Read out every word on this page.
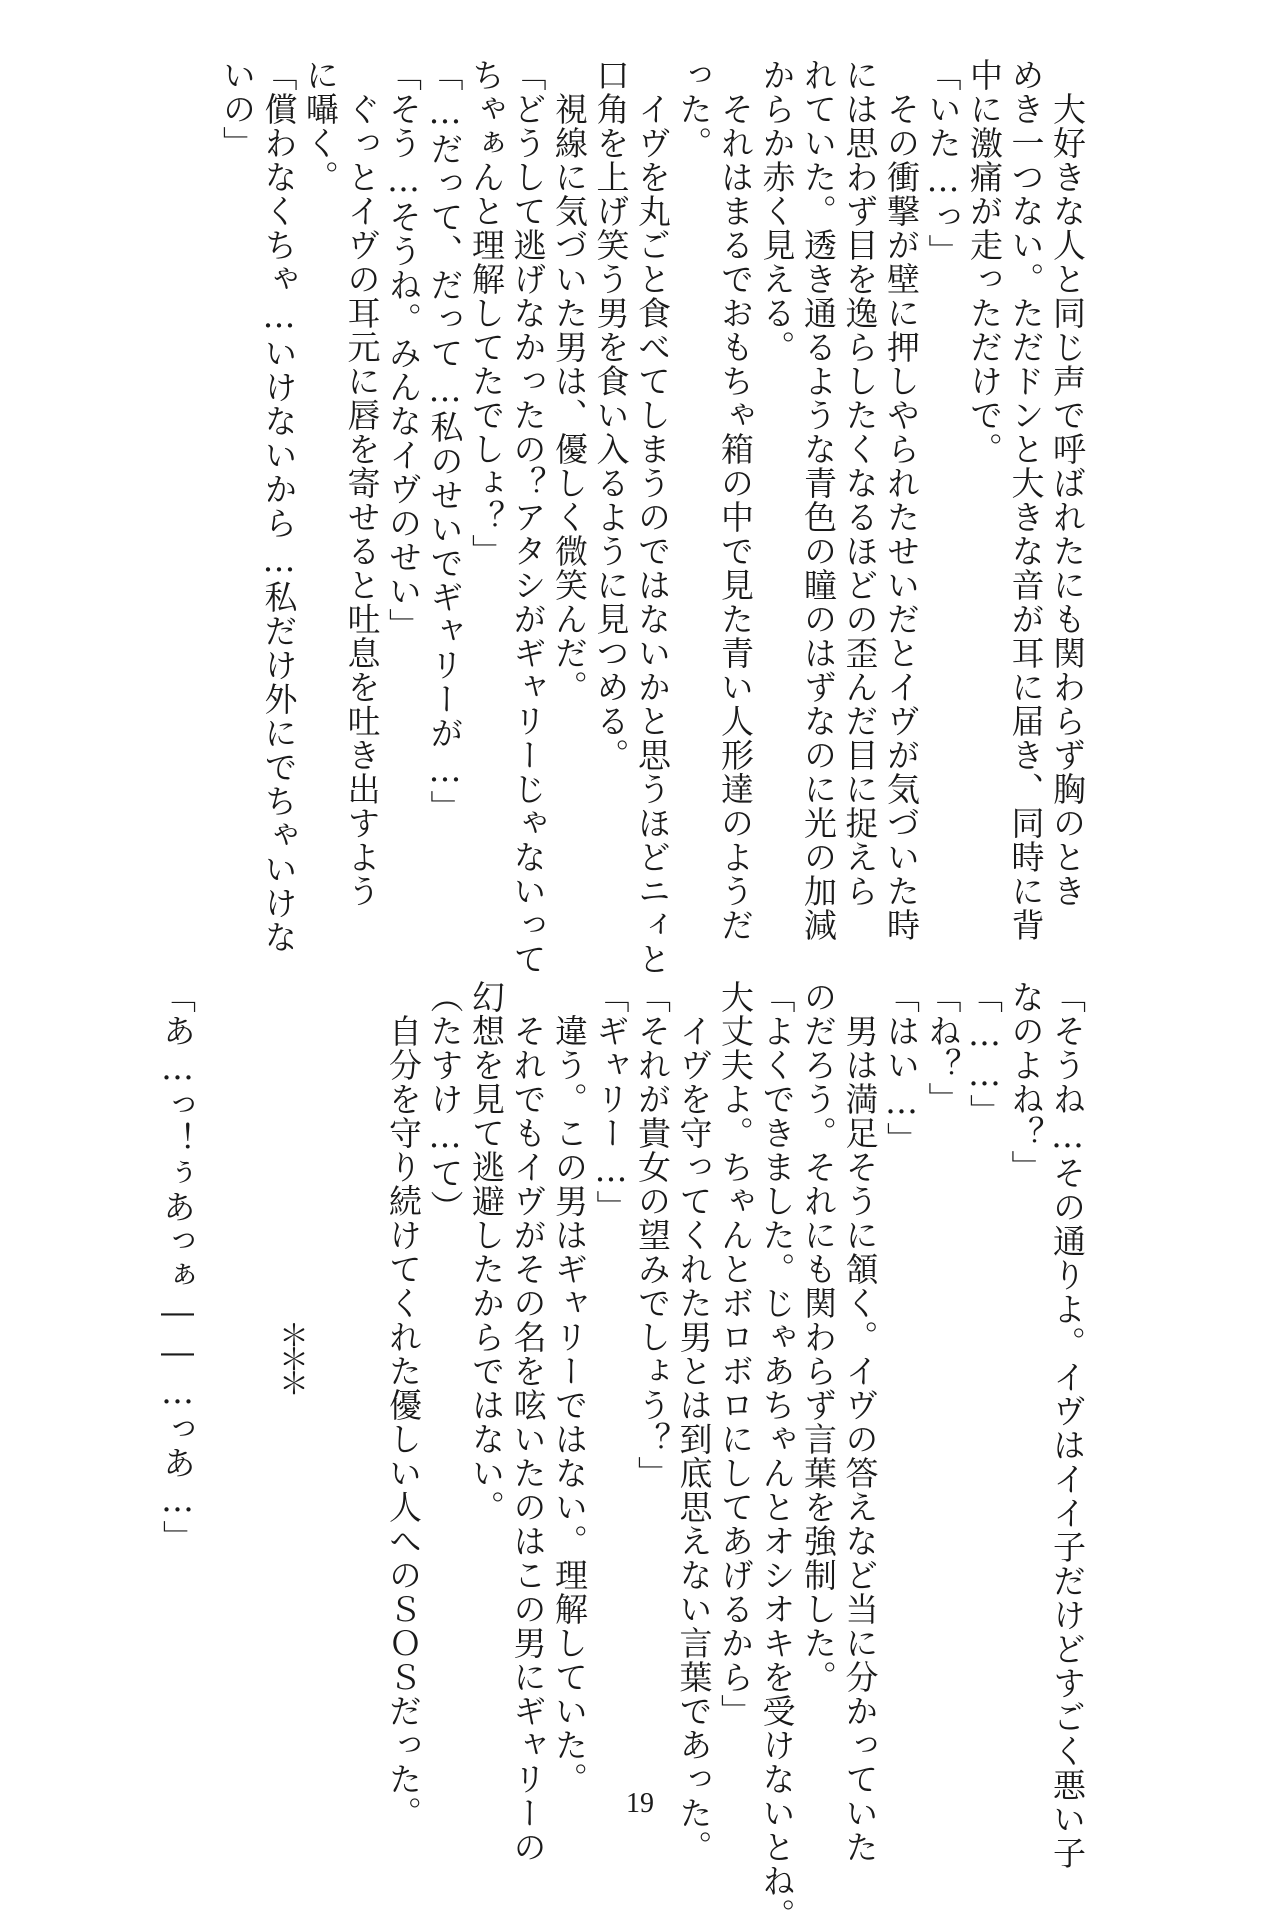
　大好きな人と同じ声で呼ばれたにも関わらず胸のとき

めき一つない。ただドンと大きな音が耳に届き、同時に背

中に激痛が走っただけで。

「いた…っ」

　その衝撃が壁に押しやられたせいだとイヴが気づいた時

には思わず目を逸らしたくなるほどの歪んだ目に捉えら

れていた。透き通るような青色の瞳のはずなのに光の加減

からか赤く見える。

　それはまるでおもちゃ箱の中で見た青い人形達のようだ

った。

　イヴを丸ごと食べてしまうのではないかと思うほどニィと

口角を上げ笑う男を食い入るように見つめる。

　視線に気づいた男は、優しく微笑んだ。

「どうして逃げなかったの？アタシがギャリーじゃないって

ちゃぁんと理解してたでしょ？」

「…だって、だって…私のせいでギャリーが…」

「そう…そうね。みんなイヴのせい」

　ぐっとイヴの耳元に唇を寄せると吐息を吐き出すよう

に囁く。

「償わなくちゃ…いけないから…私だけ外にでちゃいけな

いの」

「そうね…その通りよ。イヴはイイ子だけどすごく悪い子

なのよね？」

「……」

「ね？」

「はい…」

　男は満足そうに頷く。イヴの答えなど当に分かっていた

のだろう。それにも関わらず言葉を強制した。

「よくできました。じゃあちゃんとオシオキを受けないとね。

大丈夫よ。ちゃんとボロボロにしてあげるから」

　イヴを守ってくれた男とは到底思えない言葉であった。

「それが貴女の望みでしょう？」

「ギャリー…」

　違う。この男はギャリーではない。理解していた。

　それでもイヴがその名を呟いたのはこの男にギャリーの

幻想を見て逃避したからではない。

（たすけ…て）

　自分を守り続けてくれた優しい人へのＳＯＳだった。

＊＊＊

「あ…っ！ぅあっぁ――…っあ…」

19
